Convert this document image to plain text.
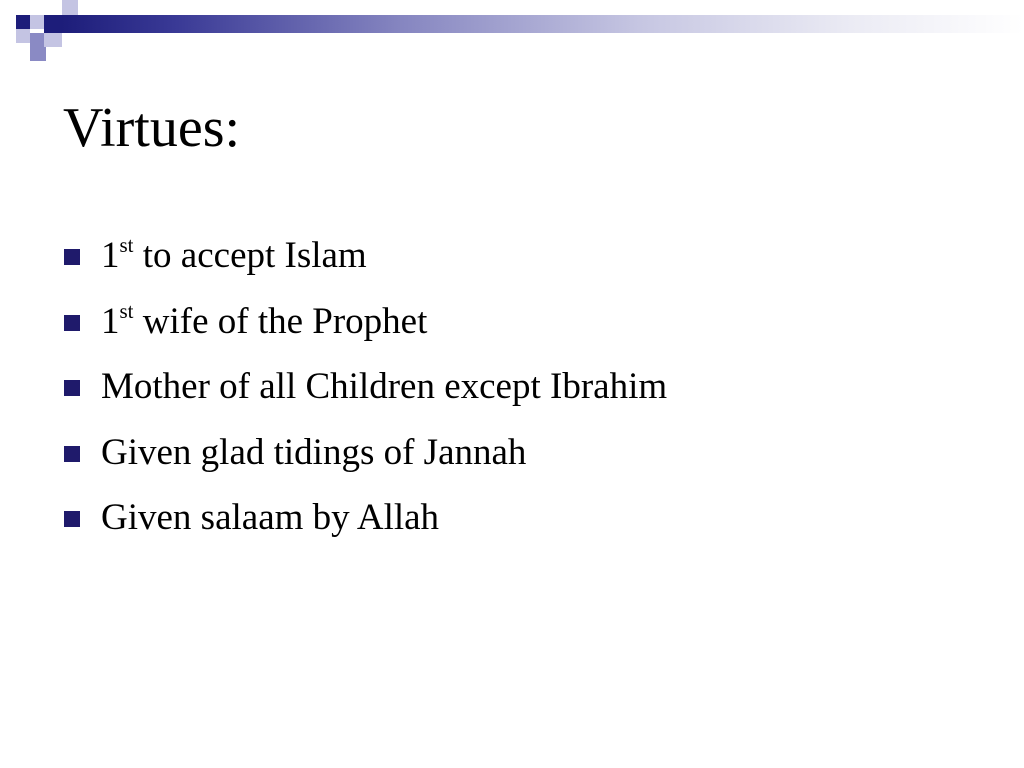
Virtues:
1st to accept Islam
1st wife of the Prophet
Mother of all Children except Ibrahim
Given glad tidings of Jannah
Given salaam by Allah
